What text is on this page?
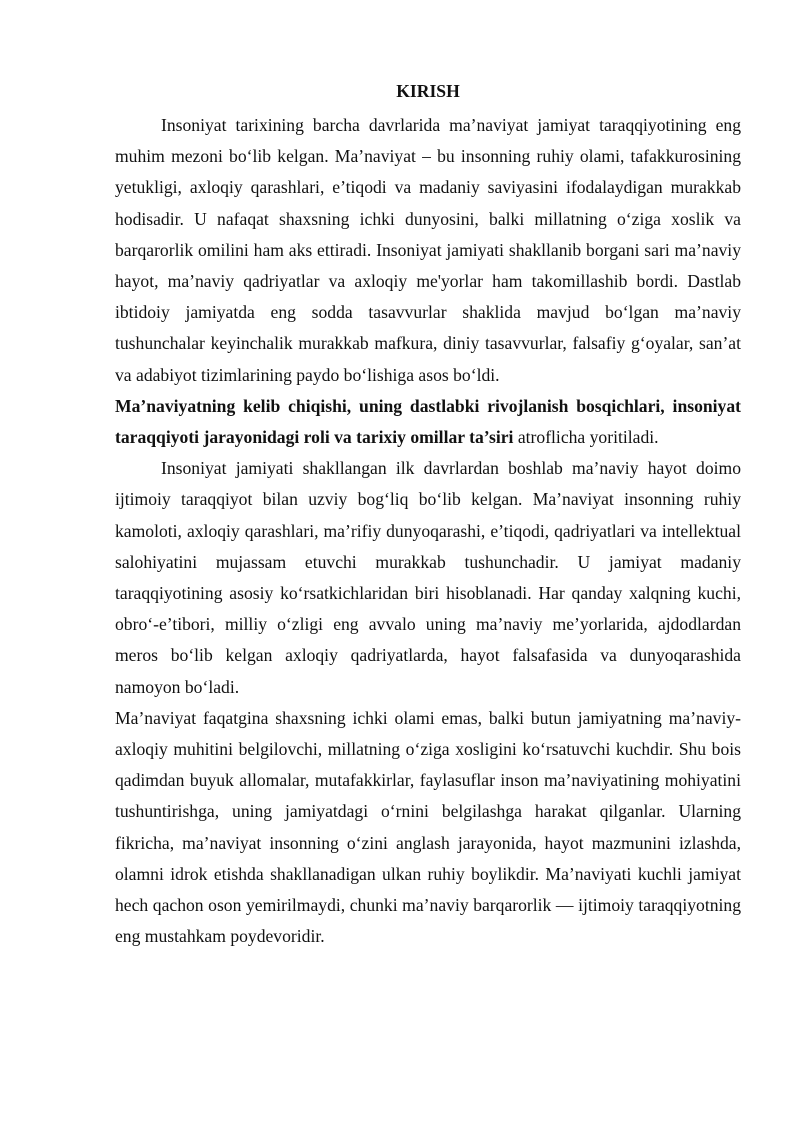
KIRISH

Insoniyat tarixining barcha davrlarida ma’naviyat jamiyat taraqqiyotining eng muhim mezoni bo‘lib kelgan. Ma’naviyat – bu insonning ruhiy olami, tafakkurosining yetukligi, axloqiy qarashlari, e’tiqodi va madaniy saviyasini ifodalaydigan murakkab hodisadir. U nafaqat shaxsning ichki dunyosini, balki millatning o‘ziga xoslik va barqarorlik omilini ham aks ettiradi. Insoniyat jamiyati shakllanib borgani sari ma’naviy hayot, ma’naviy qadriyatlar va axloqiy me'yorlar ham takomillashib bordi. Dastlab ibtidoiy jamiyatda eng sodda tasavvurlar shaklida mavjud bo‘lgan ma’naviy tushunchalar keyinchalik murakkab mafkura, diniy tasavvurlar, falsafiy g‘oyalar, san’at va adabiyot tizimlarining paydo bo‘lishiga asos bo‘ldi.

Ma’naviyatning kelib chiqishi, uning dastlabki rivojlanish bosqichlari, insoniyat taraqqiyoti jarayonidagi roli va tarixiy omillar ta’siri atroflicha yoritiladi.

Insoniyat jamiyati shakllangan ilk davrlardan boshlab ma’naviy hayot doimo ijtimoiy taraqqiyot bilan uzviy bog‘liq bo‘lib kelgan. Ma’naviyat insonning ruhiy kamoloti, axloqiy qarashlari, ma’rifiy dunyoqarashi, e’tiqodi, qadriyatlari va intellektual salohiyatini mujassam etuvchi murakkab tushunchadir. U jamiyat madaniy taraqqiyotining asosiy ko‘rsatkichlaridan biri hisoblanadi. Har qanday xalqning kuchi, obro‘-e’tibori, milliy o‘zligi eng avvalo uning ma’naviy me’yorlarida, ajdodlardan meros bo‘lib kelgan axloqiy qadriyatlarda, hayot falsafasida va dunyoqarashida namoyon bo‘ladi.

Ma’naviyat faqatgina shaxsning ichki olami emas, balki butun jamiyatning ma’naviy-axloqiy muhitini belgilovchi, millatning o‘ziga xosligini ko‘rsatuvchi kuchdir. Shu bois qadimdan buyuk allomalar, mutafakkirlar, faylasuflar inson ma’naviyatining mohiyatini tushuntirishga, uning jamiyatdagi o‘rnini belgilashga harakat qilganlar. Ularning fikricha, ma’naviyat insonning o‘zini anglash jarayonida, hayot mazmunini izlashda, olamni idrok etishda shakllanadigan ulkan ruhiy boylikdir. Ma’naviyati kuchli jamiyat hech qachon oson yemirilmaydi, chunki ma’naviy barqarorlik — ijtimoiy taraqqiyotning eng mustahkam poydevoridir.
